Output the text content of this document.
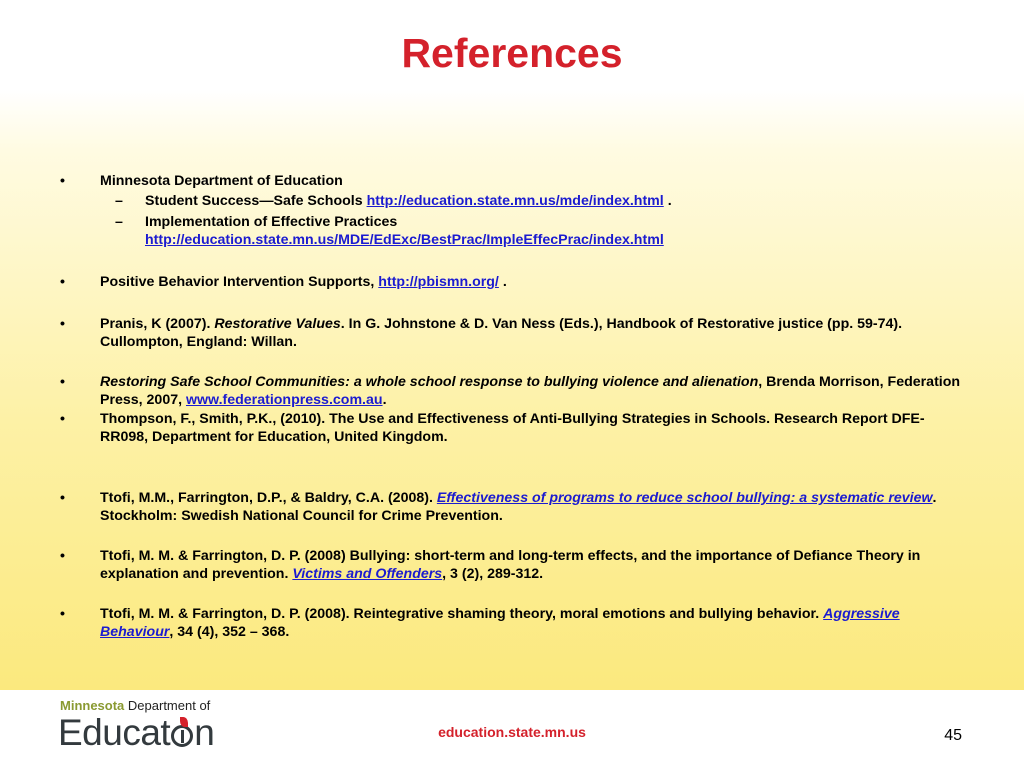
References
• Minnesota Department of Education
– Student Success—Safe Schools http://education.state.mn.us/mde/index.html .
– Implementation of Effective Practices
http://education.state.mn.us/MDE/EdExc/BestPrac/ImpleEffecPrac/index.html
• Positive Behavior Intervention Supports, http://pbismn.org/ .
• Pranis, K (2007). Restorative Values. In G. Johnstone & D. Van Ness (Eds.), Handbook of Restorative justice (pp. 59-74). Cullompton, England: Willan.
• Restoring Safe School Communities: a whole school response to bullying violence and alienation, Brenda Morrison, Federation Press, 2007, www.federationpress.com.au.
• Thompson, F., Smith, P.K., (2010). The Use and Effectiveness of Anti-Bullying Strategies in Schools. Research Report DFE-RR098, Department for Education, United Kingdom.
• Ttofi, M.M., Farrington, D.P., & Baldry, C.A. (2008). Effectiveness of programs to reduce school bullying: a systematic review. Stockholm: Swedish National Council for Crime Prevention.
• Ttofi, M. M. & Farrington, D. P. (2008) Bullying: short-term and long-term effects, and the importance of Defiance Theory in explanation and prevention. Victims and Offenders, 3 (2), 289-312.
• Ttofi, M. M. & Farrington, D. P. (2008). Reintegrative shaming theory, moral emotions and bullying behavior. Aggressive Behaviour, 34 (4), 352 – 368.
Minnesota Department of
Educat n	education.state.mn.us	45
